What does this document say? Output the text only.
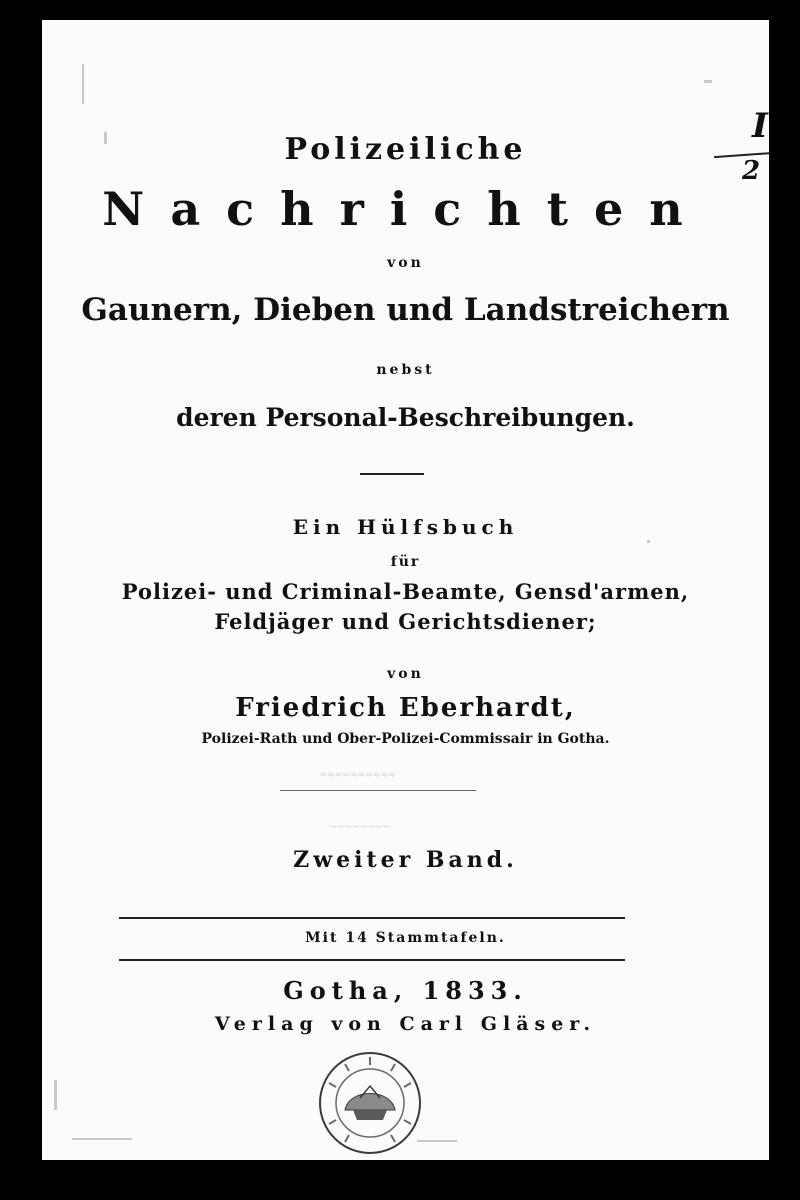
Polizeiliche
Nachrichten
von
Gaunern, Dieben und Landstreichern
nebst
deren Personal-Beschreibungen.
Ein Hülfsbuch
für
Polizei- und Criminal-Beamte, Gensd'armen,
Feldjäger und Gerichtsdiener;
von
Friedrich Eberhardt,
Polizei-Rath und Ober-Polizei-Commissair in Gotha.
≈≈≈≈≈≈≈≈≈≈
∼∼∼∼∼∼∼∼
Zweiter Band.
Mit 14 Stammtafeln.
Gotha, 1833.
Verlag von Carl Gläser.
I
2
